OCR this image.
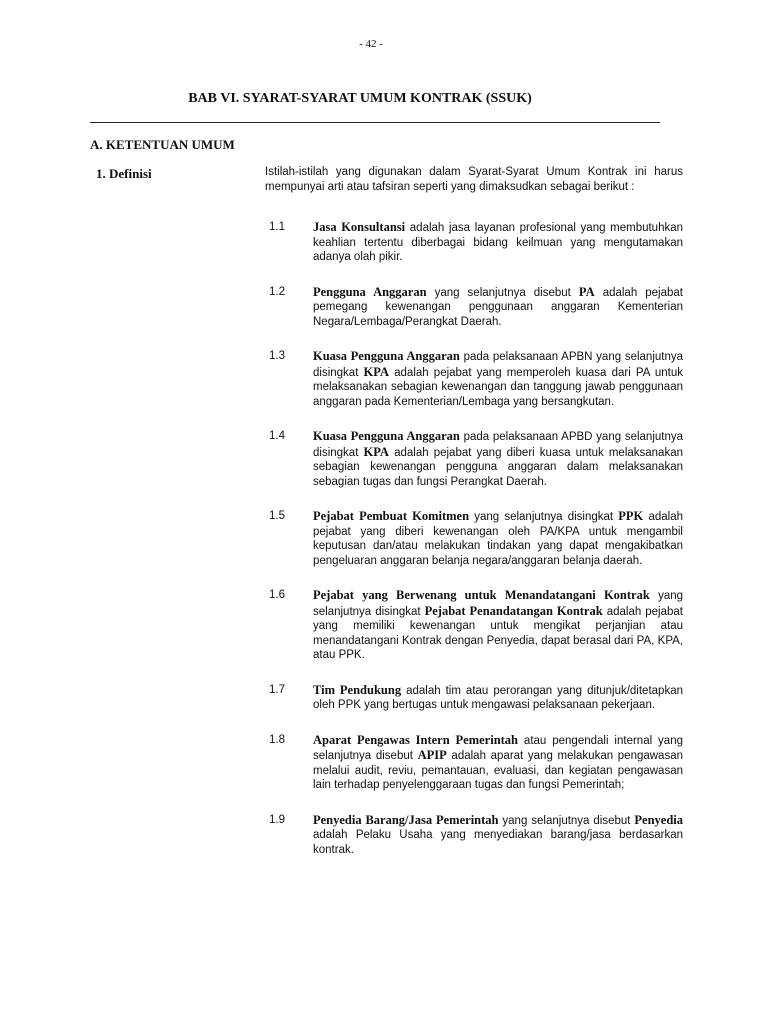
- 42 -
BAB VI. SYARAT-SYARAT UMUM KONTRAK (SSUK)
A. KETENTUAN UMUM
1. Definisi	Istilah-istilah yang digunakan dalam Syarat-Syarat Umum Kontrak ini harus mempunyai arti atau tafsiran seperti yang dimaksudkan sebagai berikut :
1.1	Jasa Konsultansi adalah jasa layanan profesional yang membutuhkan keahlian tertentu diberbagai bidang keilmuan yang mengutamakan adanya olah pikir.
1.2	Pengguna Anggaran yang selanjutnya disebut PA adalah pejabat pemegang kewenangan penggunaan anggaran Kementerian Negara/Lembaga/Perangkat Daerah.
1.3	Kuasa Pengguna Anggaran pada pelaksanaan APBN yang selanjutnya disingkat KPA adalah pejabat yang memperoleh kuasa dari PA untuk melaksanakan sebagian kewenangan dan tanggung jawab penggunaan anggaran pada Kementerian/Lembaga yang bersangkutan.
1.4	Kuasa Pengguna Anggaran pada pelaksanaan APBD yang selanjutnya disingkat KPA adalah pejabat yang diberi kuasa untuk melaksanakan sebagian kewenangan pengguna anggaran dalam melaksanakan sebagian tugas dan fungsi Perangkat Daerah.
1.5	Pejabat Pembuat Komitmen yang selanjutnya disingkat PPK adalah pejabat yang diberi kewenangan oleh PA/KPA untuk mengambil keputusan dan/atau melakukan tindakan yang dapat mengakibatkan pengeluaran anggaran belanja negara/anggaran belanja daerah.
1.6	Pejabat yang Berwenang untuk Menandatangani Kontrak yang selanjutnya disingkat Pejabat Penandatangan Kontrak adalah pejabat yang memiliki kewenangan untuk mengikat perjanjian atau menandatangani Kontrak dengan Penyedia, dapat berasal dari PA, KPA, atau PPK.
1.7	Tim Pendukung adalah tim atau perorangan yang ditunjuk/ditetapkan oleh PPK yang bertugas untuk mengawasi pelaksanaan pekerjaan.
1.8	Aparat Pengawas Intern Pemerintah atau pengendali internal yang selanjutnya disebut APIP adalah aparat yang melakukan pengawasan melalui audit, reviu, pemantauan, evaluasi, dan kegiatan pengawasan lain terhadap penyelenggaraan tugas dan fungsi Pemerintah;
1.9	Penyedia Barang/Jasa Pemerintah yang selanjutnya disebut Penyedia adalah Pelaku Usaha yang menyediakan barang/jasa berdasarkan kontrak.
